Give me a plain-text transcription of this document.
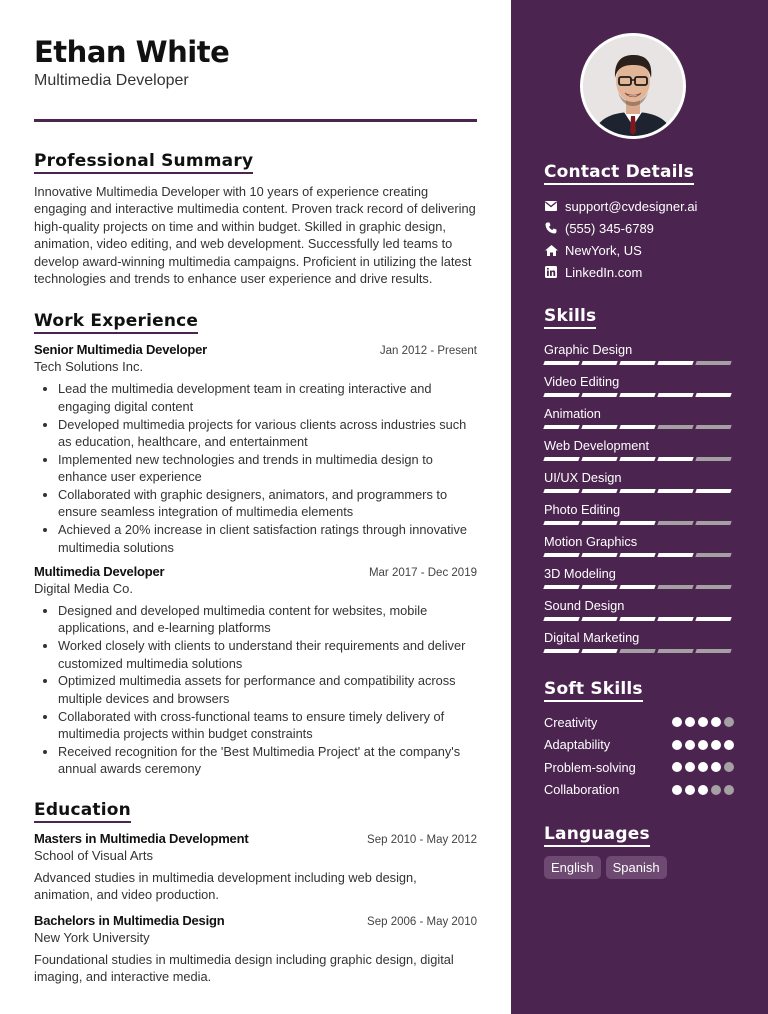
Ethan White
Multimedia Developer
Professional Summary

Innovative Multimedia Developer with 10 years of experience creating engaging and interactive multimedia content. Proven track record of delivering high-quality projects on time and within budget. Skilled in graphic design, animation, video editing, and web development. Successfully led teams to develop award-winning multimedia campaigns. Proficient in utilizing the latest technologies and trends to enhance user experience and drive results.

Work Experience
Senior Multimedia Developer	Jan 2012 - Present
Tech Solutions Inc.
• Lead the multimedia development team in creating interactive and engaging digital content
• Developed multimedia projects for various clients across industries such as education, healthcare, and entertainment
• Implemented new technologies and trends in multimedia design to enhance user experience
• Collaborated with graphic designers, animators, and programmers to ensure seamless integration of multimedia elements
• Achieved a 20% increase in client satisfaction ratings through innovative multimedia solutions
Multimedia Developer	Mar 2017 - Dec 2019
Digital Media Co.
• Designed and developed multimedia content for websites, mobile applications, and e-learning platforms
• Worked closely with clients to understand their requirements and deliver customized multimedia solutions
• Optimized multimedia assets for performance and compatibility across multiple devices and browsers
• Collaborated with cross-functional teams to ensure timely delivery of multimedia projects within budget constraints
• Received recognition for the 'Best Multimedia Project' at the company's annual awards ceremony
Education
Masters in Multimedia Development	Sep 2010 - May 2012
School of Visual Arts
Advanced studies in multimedia development including web design, animation, and video production.
Bachelors in Multimedia Design	Sep 2006 - May 2010
New York University
Foundational studies in multimedia design including graphic design, digital imaging, and interactive media.
Contact Details
support@cvdesigner.ai
(555) 345-6789
NewYork, US
LinkedIn.com
Skills
Graphic Design
Video Editing
Animation
Web Development
UI/UX Design
Photo Editing
Motion Graphics
3D Modeling
Sound Design
Digital Marketing
Soft Skills
Creativity
Adaptability
Problem-solving
Collaboration
Languages
English	Spanish
